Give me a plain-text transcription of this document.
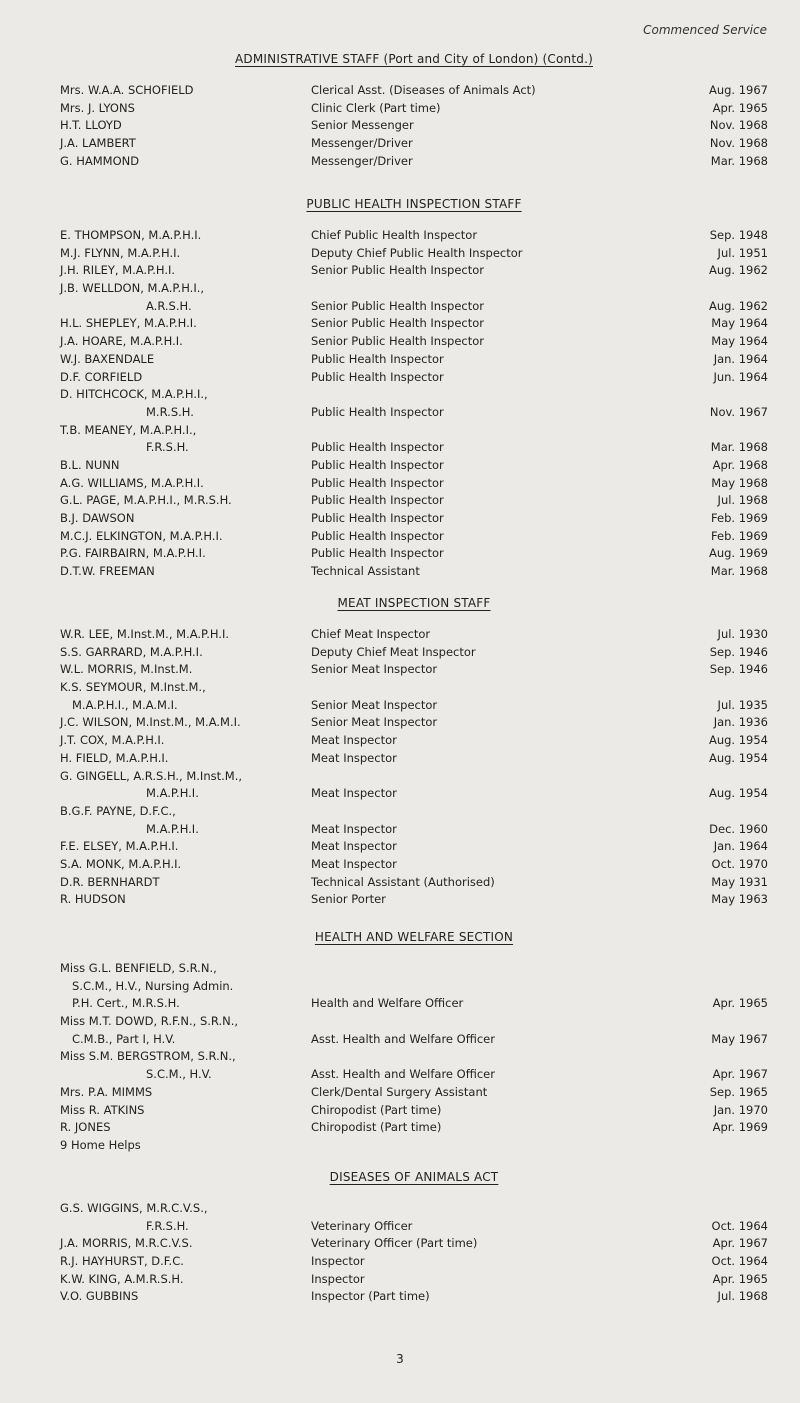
Commenced Service
ADMINISTRATIVE STAFF (Port and City of London) (Contd.)
Mrs. W.A.A. SCHOFIELD	Clerical Asst. (Diseases of Animals Act)	Aug. 1967
Mrs. J. LYONS	Clinic Clerk (Part time)	Apr. 1965
H.T. LLOYD	Senior Messenger	Nov. 1968
J.A. LAMBERT	Messenger/Driver	Nov. 1968
G. HAMMOND	Messenger/Driver	Mar. 1968
PUBLIC HEALTH INSPECTION STAFF
E. THOMPSON, M.A.P.H.I.	Chief Public Health Inspector	Sep. 1948
M.J. FLYNN, M.A.P.H.I.	Deputy Chief Public Health Inspector	Jul. 1951
J.H. RILEY, M.A.P.H.I.	Senior Public Health Inspector	Aug. 1962
J.B. WELLDON, M.A.P.H.I.,
A.R.S.H.	Senior Public Health Inspector	Aug. 1962
H.L. SHEPLEY, M.A.P.H.I.	Senior Public Health Inspector	May 1964
J.A. HOARE, M.A.P.H.I.	Senior Public Health Inspector	May 1964
W.J. BAXENDALE	Public Health Inspector	Jan. 1964
D.F. CORFIELD	Public Health Inspector	Jun. 1964
D. HITCHCOCK, M.A.P.H.I.,
M.R.S.H.	Public Health Inspector	Nov. 1967
T.B. MEANEY, M.A.P.H.I.,
F.R.S.H.	Public Health Inspector	Mar. 1968
B.L. NUNN	Public Health Inspector	Apr. 1968
A.G. WILLIAMS, M.A.P.H.I.	Public Health Inspector	May 1968
G.L. PAGE, M.A.P.H.I., M.R.S.H.	Public Health Inspector	Jul. 1968
B.J. DAWSON	Public Health Inspector	Feb. 1969
M.C.J. ELKINGTON, M.A.P.H.I.	Public Health Inspector	Feb. 1969
P.G. FAIRBAIRN, M.A.P.H.I.	Public Health Inspector	Aug. 1969
D.T.W. FREEMAN	Technical Assistant	Mar. 1968
MEAT INSPECTION STAFF
W.R. LEE, M.Inst.M., M.A.P.H.I.	Chief Meat Inspector	Jul. 1930
S.S. GARRARD, M.A.P.H.I.	Deputy Chief Meat Inspector	Sep. 1946
W.L. MORRIS, M.Inst.M.	Senior Meat Inspector	Sep. 1946
K.S. SEYMOUR, M.Inst.M.,
M.A.P.H.I., M.A.M.I.	Senior Meat Inspector	Jul. 1935
J.C. WILSON, M.Inst.M., M.A.M.I.	Senior Meat Inspector	Jan. 1936
J.T. COX, M.A.P.H.I.	Meat Inspector	Aug. 1954
H. FIELD, M.A.P.H.I.	Meat Inspector	Aug. 1954
G. GINGELL, A.R.S.H., M.Inst.M.,
M.A.P.H.I.	Meat Inspector	Aug. 1954
B.G.F. PAYNE, D.F.C.,
M.A.P.H.I.	Meat Inspector	Dec. 1960
F.E. ELSEY, M.A.P.H.I.	Meat Inspector	Jan. 1964
S.A. MONK, M.A.P.H.I.	Meat Inspector	Oct. 1970
D.R. BERNHARDT	Technical Assistant (Authorised)	May 1931
R. HUDSON	Senior Porter	May 1963
HEALTH AND WELFARE SECTION
Miss G.L. BENFIELD, S.R.N.,
S.C.M., H.V., Nursing Admin.
P.H. Cert., M.R.S.H.	Health and Welfare Officer	Apr. 1965
Miss M.T. DOWD, R.F.N., S.R.N.,
C.M.B., Part I, H.V.	Asst. Health and Welfare Officer	May 1967
Miss S.M. BERGSTROM, S.R.N.,
S.C.M., H.V.	Asst. Health and Welfare Officer	Apr. 1967
Mrs. P.A. MIMMS	Clerk/Dental Surgery Assistant	Sep. 1965
Miss R. ATKINS	Chiropodist (Part time)	Jan. 1970
R. JONES	Chiropodist (Part time)	Apr. 1969
9 Home Helps
DISEASES OF ANIMALS ACT
G.S. WIGGINS, M.R.C.V.S.,
F.R.S.H.	Veterinary Officer	Oct. 1964
J.A. MORRIS, M.R.C.V.S.	Veterinary Officer (Part time)	Apr. 1967
R.J. HAYHURST, D.F.C.	Inspector	Oct. 1964
K.W. KING, A.M.R.S.H.	Inspector	Apr. 1965
V.O. GUBBINS	Inspector (Part time)	Jul. 1968
3
